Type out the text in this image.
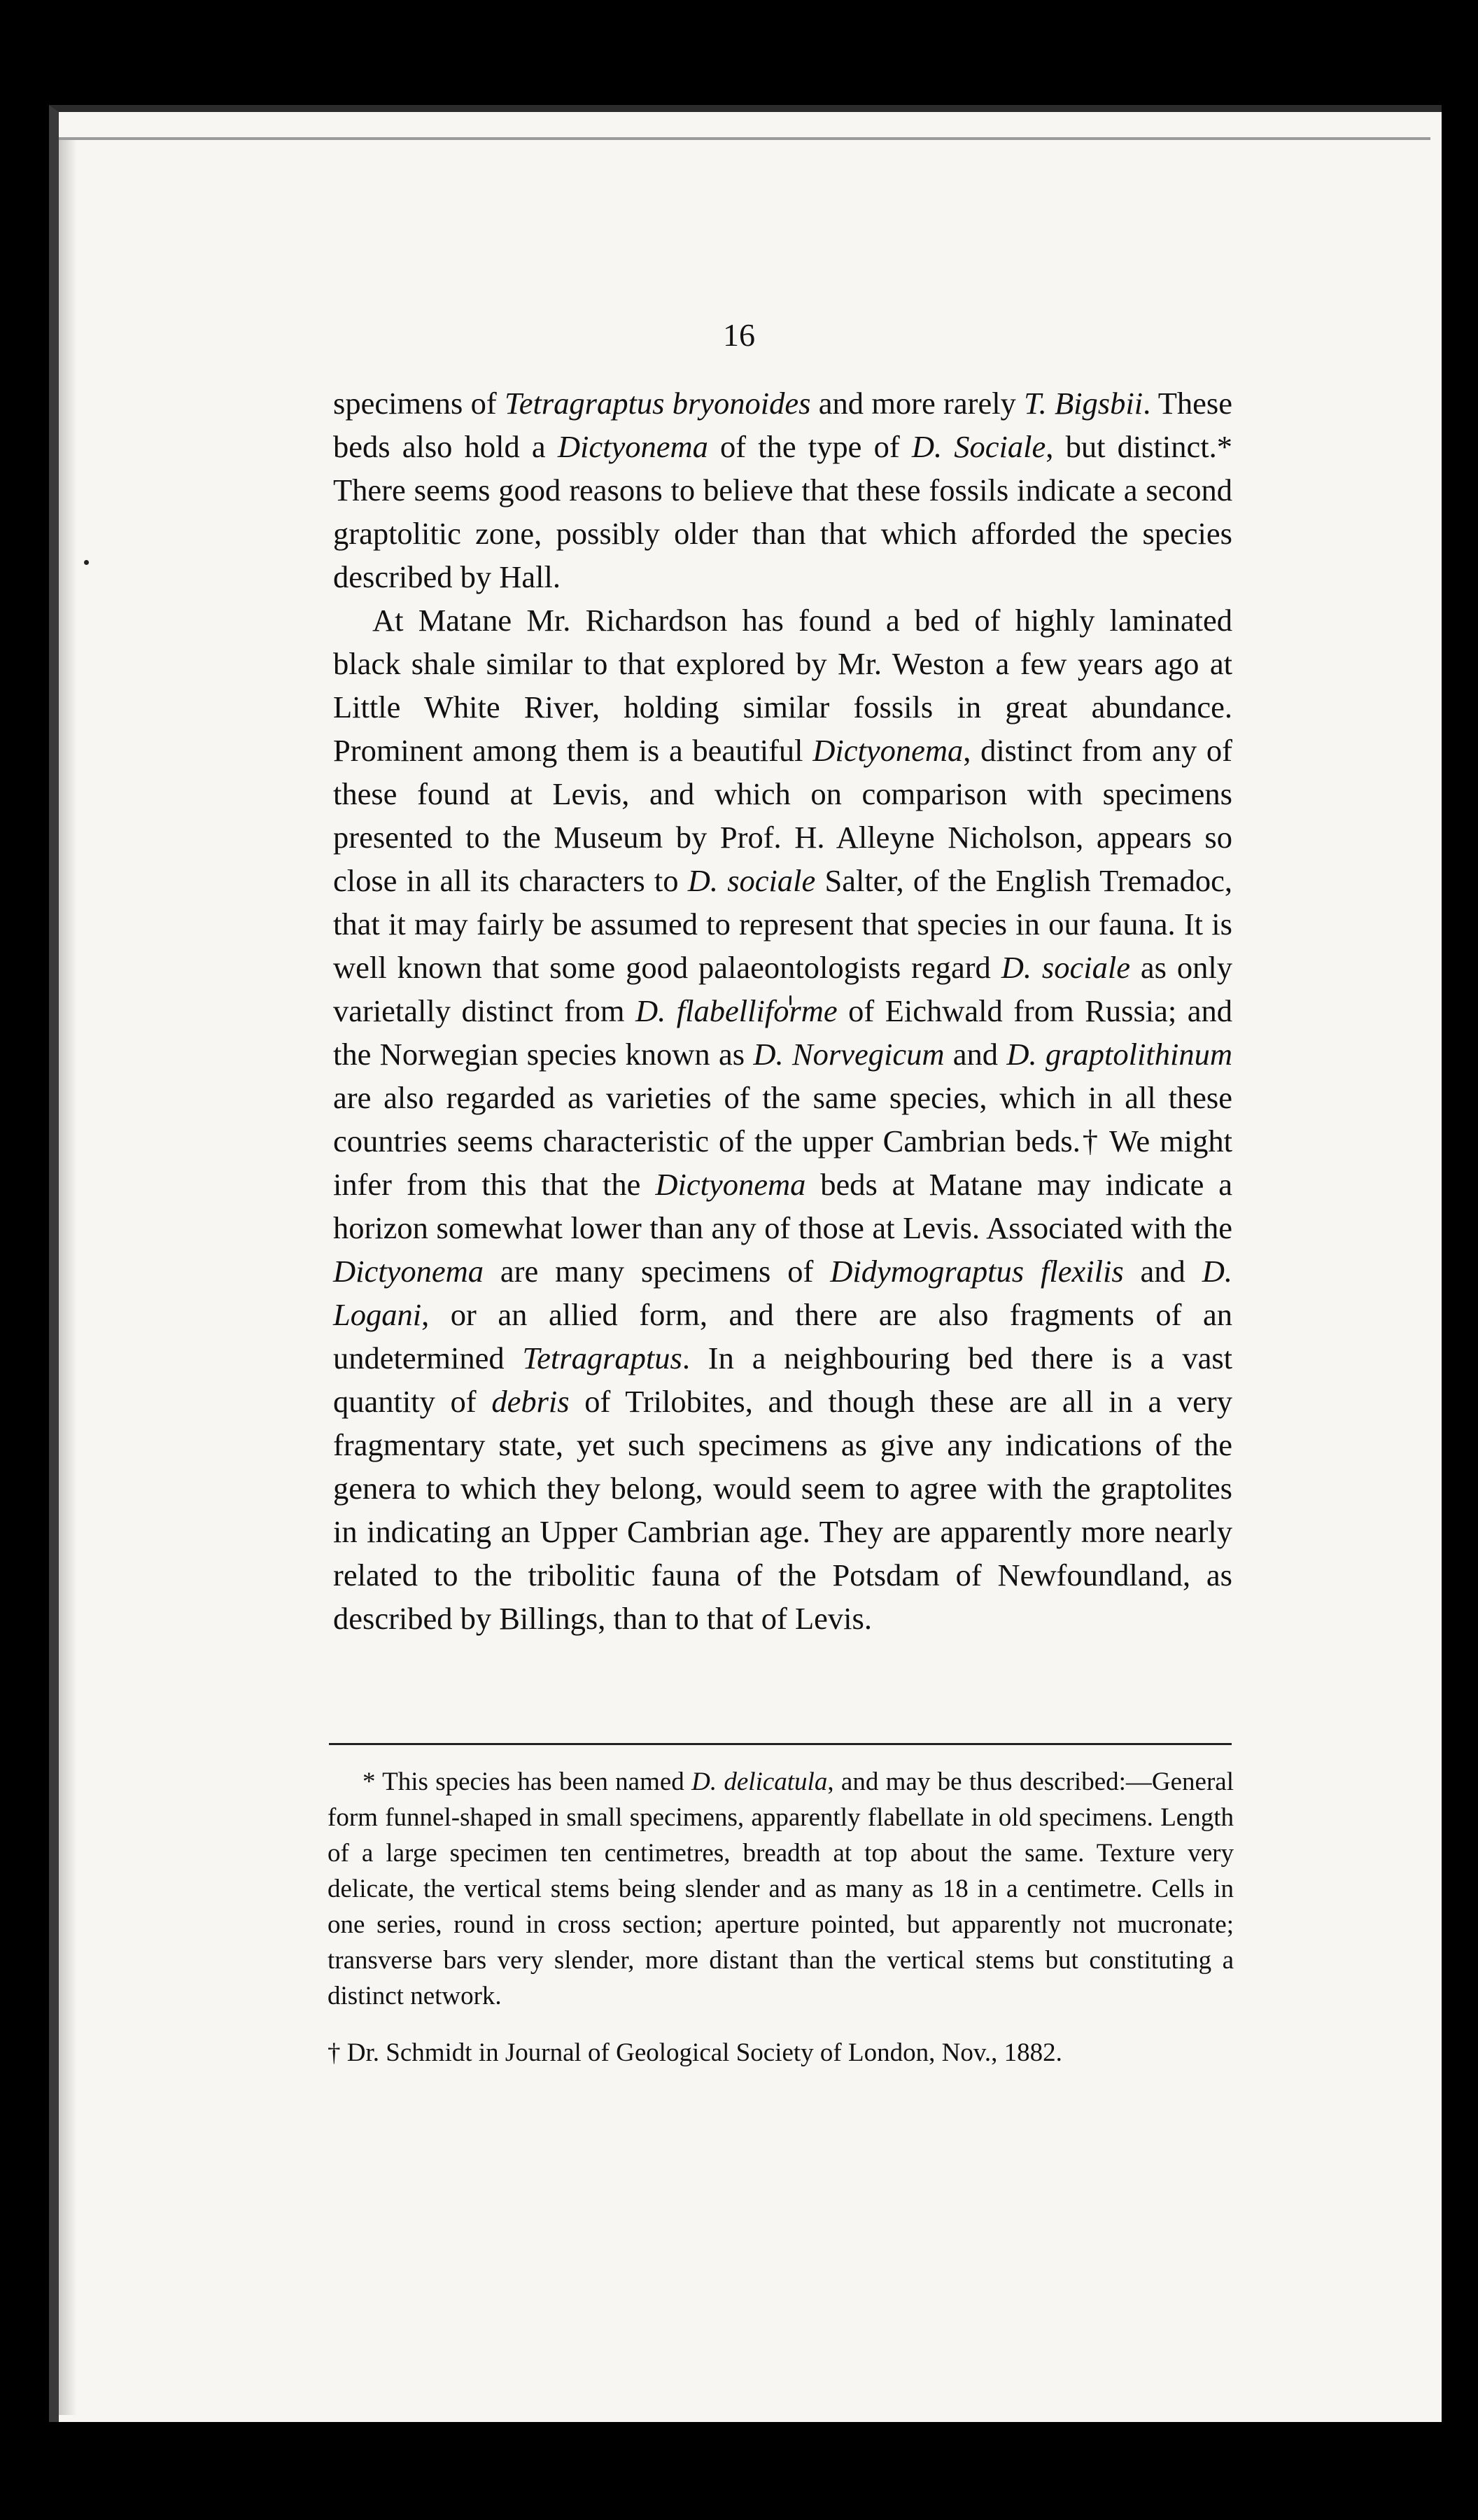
16

specimens of Tetragraptus bryonoides and more rarely T. Bigsbii. These beds also hold a Dictyonema of the type of D. Sociale, but distinct.* There seems good reasons to believe that these fossils indicate a second graptolitic zone, possibly older than that which afforded the species described by Hall.

At Matane Mr. Richardson has found a bed of highly laminated black shale similar to that explored by Mr. Weston a few years ago at Little White River, holding similar fossils in great abundance. Prominent among them is a beautiful Dictyonema, distinct from any of these found at Levis, and which on comparison with specimens presented to the Museum by Prof. H. Alleyne Nicholson, appears so close in all its characters to D. sociale Salter, of the English Tremadoc, that it may fairly be assumed to represent that species in our fauna. It is well known that some good palaeontologists regard D. sociale as only varietally distinct from D. flabelliforme of Eichwald from Russia; and the Norwegian species known as D. Norvegicum and D. graptolithinum are also regarded as varieties of the same species, which in all these countries seems characteristic of the upper Cambrian beds.† We might infer from this that the Dictyonema beds at Matane may indicate a horizon somewhat lower than any of those at Levis. Associated with the Dictyonema are many specimens of Didymograptus flexilis and D. Logani, or an allied form, and there are also fragments of an undetermined Tetragraptus. In a neighbouring bed there is a vast quantity of debris of Trilobites, and though these are all in a very fragmentary state, yet such specimens as give any indications of the genera to which they belong, would seem to agree with the graptolites in indicating an Upper Cambrian age. They are apparently more nearly related to the tribolitic fauna of the Potsdam of Newfoundland, as described by Billings, than to that of Levis.

* This species has been named D. delicatula, and may be thus described:—General form funnel-shaped in small specimens, apparently flabellate in old specimens. Length of a large specimen ten centimetres, breadth at top about the same. Texture very delicate, the vertical stems being slender and as many as 18 in a centimetre. Cells in one series, round in cross section; aperture pointed, but apparently not mucronate; transverse bars very slender, more distant than the vertical stems but constituting a distinct network.

† Dr. Schmidt in Journal of Geological Society of London, Nov., 1882.
